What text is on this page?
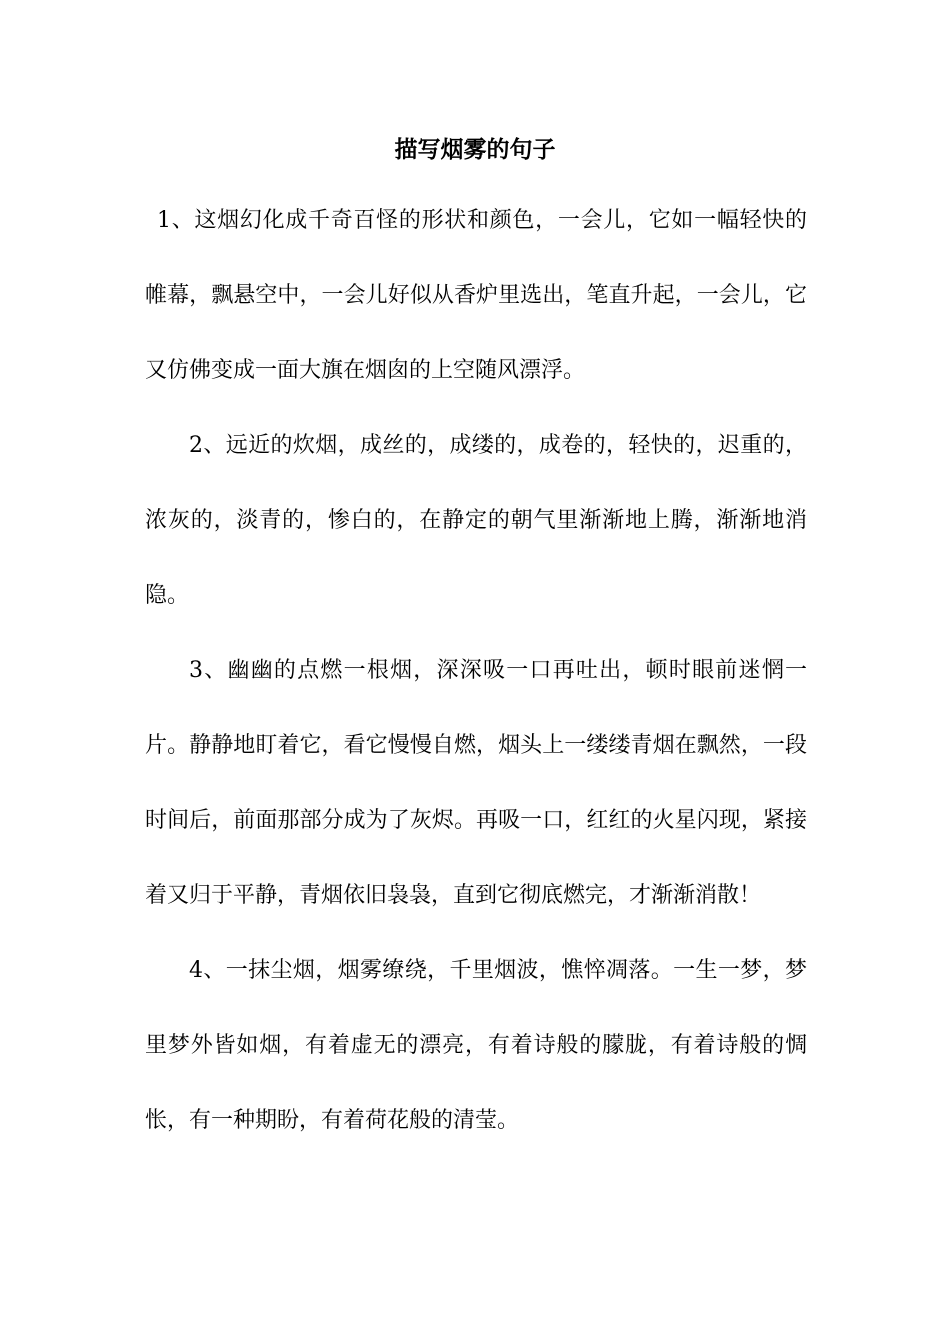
描写烟雾的句子

1、这烟幻化成千奇百怪的形状和颜色，一会儿，它如一幅轻快的帷幕，飘悬空中，一会儿好似从香炉里选出，笔直升起，一会儿，它又仿佛变成一面大旗在烟囱的上空随风漂浮。

2、远近的炊烟，成丝的，成缕的，成卷的，轻快的，迟重的，浓灰的，淡青的，惨白的，在静定的朝气里渐渐地上腾，渐渐地消隐。

3、幽幽的点燃一根烟，深深吸一口再吐出，顿时眼前迷惘一片。静静地盯着它，看它慢慢自燃，烟头上一缕缕青烟在飘然，一段时间后，前面那部分成为了灰烬。再吸一口，红红的火星闪现，紧接着又归于平静，青烟依旧袅袅，直到它彻底燃完，才渐渐消散！

4、一抹尘烟，烟雾缭绕，千里烟波，憔悴凋落。一生一梦，梦里梦外皆如烟，有着虚无的漂亮，有着诗般的朦胧，有着诗般的惆怅，有一种期盼，有着荷花般的清莹。
